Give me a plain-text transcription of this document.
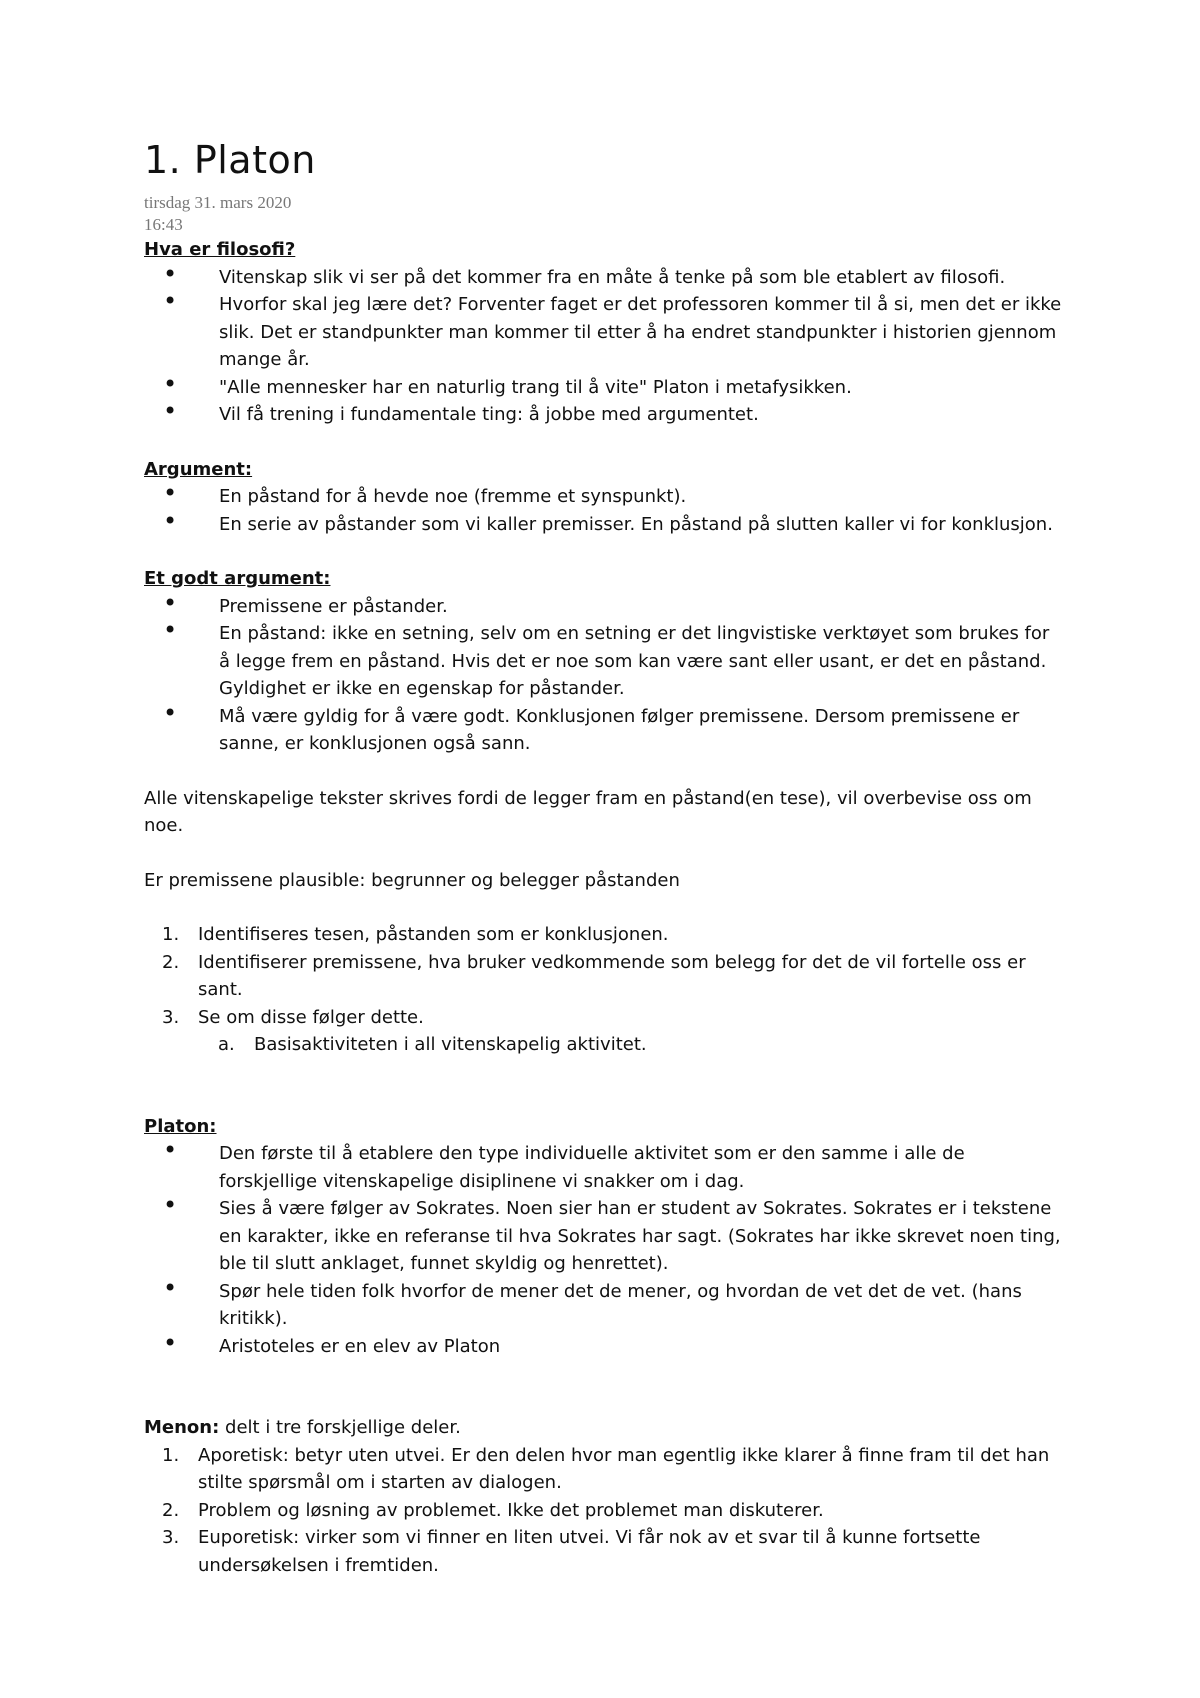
1. Platon
tirsdag 31. mars 2020
16:43

Hva er filosofi?

• Vitenskap slik vi ser på det kommer fra en måte å tenke på som ble etablert av filosofi.
• Hvorfor skal jeg lære det? Forventer faget er det professoren kommer til å si, men det er ikke slik. Det er standpunkter man kommer til etter å ha endret standpunkter i historien gjennom mange år.
• "Alle mennesker har en naturlig trang til å vite" Platon i metafysikken.
• Vil få trening i fundamentale ting: å jobbe med argumentet.

Argument:

• En påstand for å hevde noe (fremme et synspunkt).
• En serie av påstander som vi kaller premisser. En påstand på slutten kaller vi for konklusjon.

Et godt argument:

• Premissene er påstander.
• En påstand: ikke en setning, selv om en setning er det lingvistiske verktøyet som brukes for å legge frem en påstand. Hvis det er noe som kan være sant eller usant, er det en påstand. Gyldighet er ikke en egenskap for påstander.
• Må være gyldig for å være godt. Konklusjonen følger premissene. Dersom premissene er sanne, er konklusjonen også sann.

Alle vitenskapelige tekster skrives fordi de legger fram en påstand(en tese), vil overbevise oss om noe.

Er premissene plausible: begrunner og belegger påstanden

1. Identifiseres tesen, påstanden som er konklusjonen.
2. Identifiserer premissene, hva bruker vedkommende som belegg for det de vil fortelle oss er sant.
3. Se om disse følger dette.
a. Basisaktiviteten i all vitenskapelig aktivitet.

Platon:

• Den første til å etablere den type individuelle aktivitet som er den samme i alle de forskjellige vitenskapelige disiplinene vi snakker om i dag.
• Sies å være følger av Sokrates. Noen sier han er student av Sokrates. Sokrates er i tekstene en karakter, ikke en referanse til hva Sokrates har sagt. (Sokrates har ikke skrevet noen ting, ble til slutt anklaget, funnet skyldig og henrettet).
• Spør hele tiden folk hvorfor de mener det de mener, og hvordan de vet det de vet. (hans kritikk).
• Aristoteles er en elev av Platon

Menon: delt i tre forskjellige deler.

1. Aporetisk: betyr uten utvei. Er den delen hvor man egentlig ikke klarer å finne fram til det han stilte spørsmål om i starten av dialogen.
2. Problem og løsning av problemet. Ikke det problemet man diskuterer.
3. Euporetisk: virker som vi finner en liten utvei. Vi får nok av et svar til å kunne fortsette undersøkelsen i fremtiden.
